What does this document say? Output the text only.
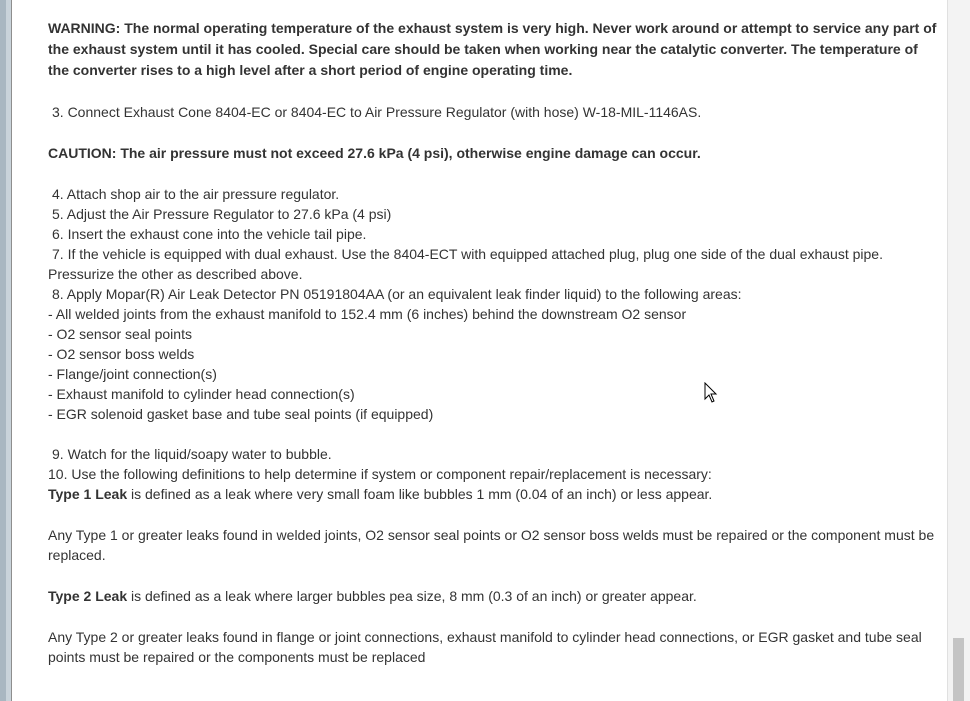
WARNING: The normal operating temperature of the exhaust system is very high. Never work around or attempt to service any part of the exhaust system until it has cooled. Special care should be taken when working near the catalytic converter. The temperature of the converter rises to a high level after a short period of engine operating time.

3. Connect Exhaust Cone 8404-EC or 8404-EC to Air Pressure Regulator (with hose) W-18-MIL-1146AS.

CAUTION: The air pressure must not exceed 27.6 kPa (4 psi), otherwise engine damage can occur.

4. Attach shop air to the air pressure regulator.

5. Adjust the Air Pressure Regulator to 27.6 kPa (4 psi)

6. Insert the exhaust cone into the vehicle tail pipe.

7. If the vehicle is equipped with dual exhaust. Use the 8404-ECT with equipped attached plug, plug one side of the dual exhaust pipe. Pressurize the other as described above.

8. Apply Mopar(R) Air Leak Detector PN 05191804AA (or an equivalent leak finder liquid) to the following areas:

- All welded joints from the exhaust manifold to 152.4 mm (6 inches) behind the downstream O2 sensor

- O2 sensor seal points

- O2 sensor boss welds

- Flange/joint connection(s)

- Exhaust manifold to cylinder head connection(s)

- EGR solenoid gasket base and tube seal points (if equipped)

9. Watch for the liquid/soapy water to bubble.

10. Use the following definitions to help determine if system or component repair/replacement is necessary:

Type 1 Leak is defined as a leak where very small foam like bubbles 1 mm (0.04 of an inch) or less appear.

Any Type 1 or greater leaks found in welded joints, O2 sensor seal points or O2 sensor boss welds must be repaired or the component must be replaced.

Type 2 Leak is defined as a leak where larger bubbles pea size, 8 mm (0.3 of an inch) or greater appear.

Any Type 2 or greater leaks found in flange or joint connections, exhaust manifold to cylinder head connections, or EGR gasket and tube seal points must be repaired or the components must be replaced
